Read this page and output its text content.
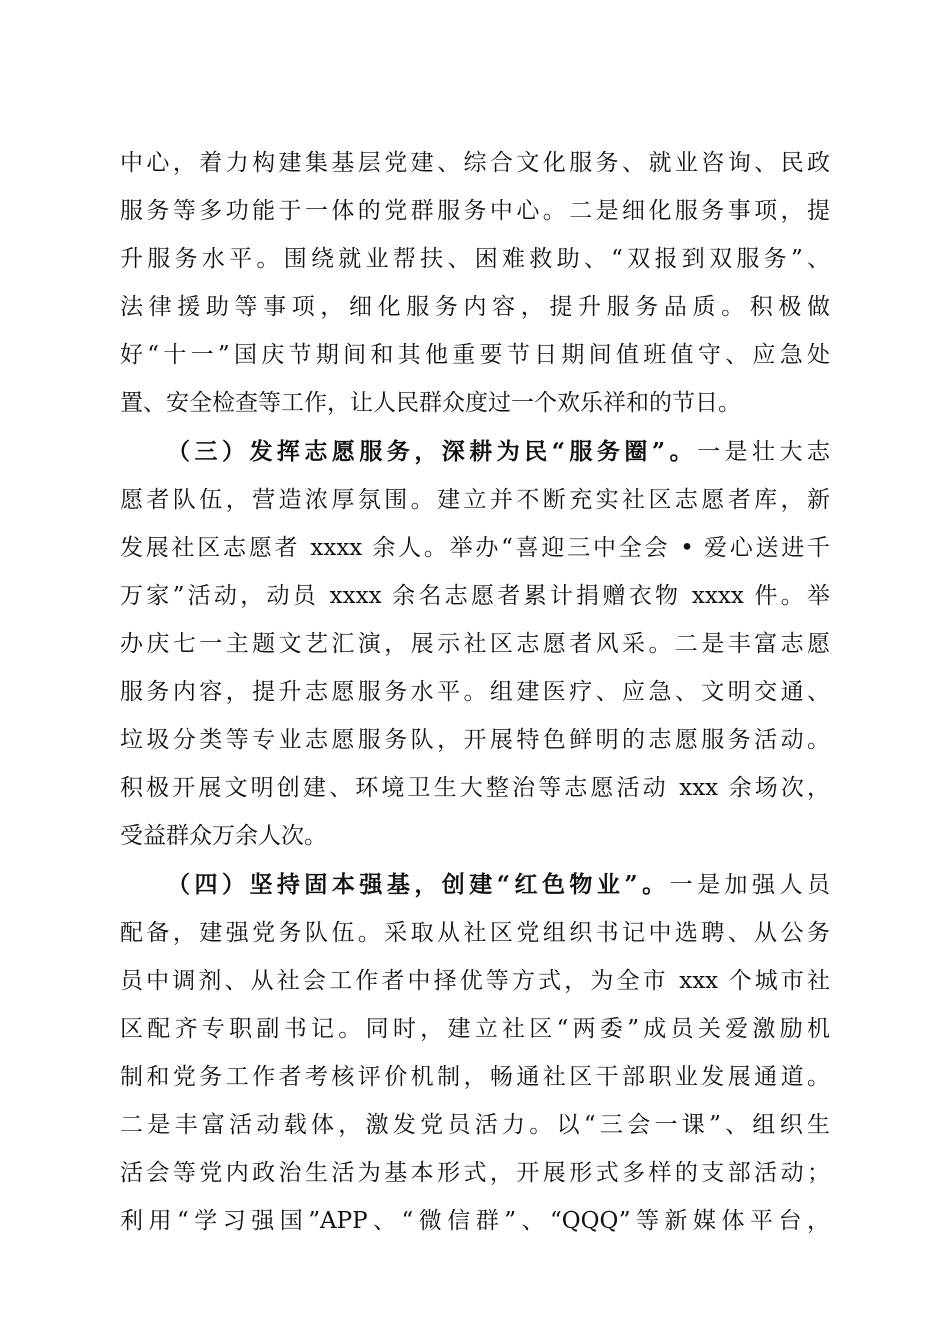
中心，着力构建集基层党建、综合文化服务、就业咨询、民政
服务等多功能于一体的党群服务中心。二是细化服务事项，提
升服务水平。围绕就业帮扶、困难救助、“双报到双服务”、
法律援助等事项，细化服务内容，提升服务品质。积极做
好“十一”国庆节期间和其他重要节日期间值班值守、应急处
置、安全检查等工作，让人民群众度过一个欢乐祥和的节日。
（三）发挥志愿服务，深耕为民“服务圈”。一是壮大志
愿者队伍，营造浓厚氛围。建立并不断充实社区志愿者库，新
发展社区志愿者 xxxx 余人。举办“喜迎三中全会 • 爱心送进千
万家”活动，动员 xxxx 余名志愿者累计捐赠衣物 xxxx 件。举
办庆七一主题文艺汇演，展示社区志愿者风采。二是丰富志愿
服务内容，提升志愿服务水平。组建医疗、应急、文明交通、
垃圾分类等专业志愿服务队，开展特色鲜明的志愿服务活动。
积极开展文明创建、环境卫生大整治等志愿活动 xxx 余场次，
受益群众万余人次。
（四）坚持固本强基，创建“红色物业”。一是加强人员
配备，建强党务队伍。采取从社区党组织书记中选聘、从公务
员中调剂、从社会工作者中择优等方式，为全市 xxx 个城市社
区配齐专职副书记。同时，建立社区“两委”成员关爱激励机
制和党务工作者考核评价机制，畅通社区干部职业发展通道。
二是丰富活动载体，激发党员活力。以“三会一课”、组织生
活会等党内政治生活为基本形式，开展形式多样的支部活动；
利用“学习强国”APP、“微信群”、“QQQ”等新媒体平台，
